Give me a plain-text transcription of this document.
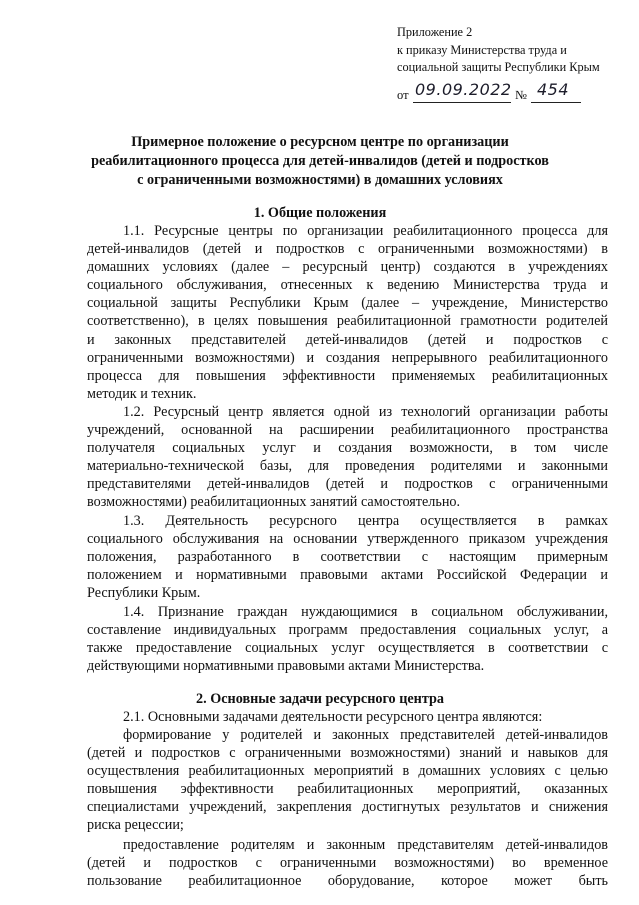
Приложение 2
к приказу Министерства труда и
социальной защиты Республики Крым
от 09.09.2022 № 454
Примерное положение о ресурсном центре по организации
реабилитационного процесса для детей-инвалидов (детей и подростков
с ограниченными возможностями) в домашних условиях
1. Общие положения
1.1. Ресурсные центры по организации реабилитационного процесса для
детей-инвалидов (детей и подростков с ограниченными возможностями) в
домашних условиях (далее – ресурсный центр) создаются в учреждениях
социального обслуживания, отнесенных к ведению Министерства труда и
социальной защиты Республики Крым (далее – учреждение, Министерство
соответственно), в целях повышения реабилитационной грамотности родителей
и законных представителей детей-инвалидов (детей и подростков с
ограниченными возможностями) и создания непрерывного реабилитационного
процесса для повышения эффективности применяемых реабилитационных
методик и техник.
1.2. Ресурсный центр является одной из технологий организации работы
учреждений, основанной на расширении реабилитационного пространства
получателя социальных услуг и создания возможности, в том числе
материально-технической базы, для проведения родителями и законными
представителями детей-инвалидов (детей и подростков с ограниченными
возможностями) реабилитационных занятий самостоятельно.
1.3. Деятельность ресурсного центра осуществляется в рамках
социального обслуживания на основании утвержденного приказом учреждения
положения, разработанного в соответствии с настоящим примерным
положением и нормативными правовыми актами Российской Федерации и
Республики Крым.
1.4. Признание граждан нуждающимися в социальном обслуживании,
составление индивидуальных программ предоставления социальных услуг, а
также предоставление социальных услуг осуществляется в соответствии с
действующими нормативными правовыми актами Министерства.
2. Основные задачи ресурсного центра
2.1. Основными задачами деятельности ресурсного центра являются:
формирование у родителей и законных представителей детей-инвалидов
(детей и подростков с ограниченными возможностями) знаний и навыков для
осуществления реабилитационных мероприятий в домашних условиях с целью
повышения эффективности реабилитационных мероприятий, оказанных
специалистами учреждений, закрепления достигнутых результатов и снижения
риска рецессии;
предоставление родителям и законным представителям детей-инвалидов
(детей и подростков с ограниченными возможностями) во временное
пользование реабилитационное оборудование, которое может быть
